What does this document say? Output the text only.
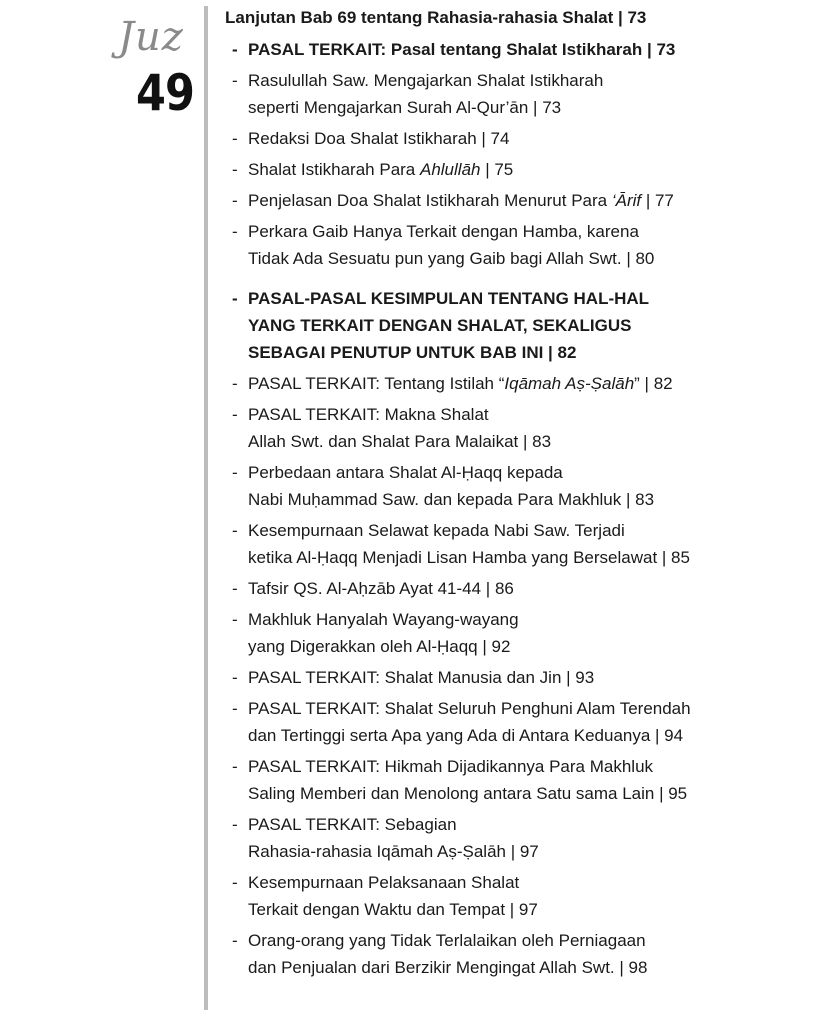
Juz
49
Lanjutan Bab 69 tentang Rahasia-rahasia Shalat | 73
- PASAL TERKAIT: Pasal tentang Shalat Istikharah | 73
- Rasulullah Saw. Mengajarkan Shalat Istikharah
seperti Mengajarkan Surah Al-Qur’ān | 73
- Redaksi Doa Shalat Istikharah | 74
- Shalat Istikharah Para Ahlullāh | 75
- Penjelasan Doa Shalat Istikharah Menurut Para ‘Ārif | 77
- Perkara Gaib Hanya Terkait dengan Hamba, karena
Tidak Ada Sesuatu pun yang Gaib bagi Allah Swt. | 80
- PASAL-PASAL KESIMPULAN TENTANG HAL-HAL
YANG TERKAIT DENGAN SHALAT, SEKALIGUS
SEBAGAI PENUTUP UNTUK BAB INI | 82
- PASAL TERKAIT: Tentang Istilah “Iqāmah Aṣ-Ṣalāh” | 82
- PASAL TERKAIT: Makna Shalat
Allah Swt. dan Shalat Para Malaikat | 83
- Perbedaan antara Shalat Al-Ḥaqq kepada
Nabi Muḥammad Saw. dan kepada Para Makhluk | 83
- Kesempurnaan Selawat kepada Nabi Saw. Terjadi
ketika Al-Ḥaqq Menjadi Lisan Hamba yang Berselawat | 85
- Tafsir QS. Al-Aḥzāb Ayat 41-44 | 86
- Makhluk Hanyalah Wayang-wayang
yang Digerakkan oleh Al-Ḥaqq | 92
- PASAL TERKAIT: Shalat Manusia dan Jin | 93
- PASAL TERKAIT: Shalat Seluruh Penghuni Alam Terendah
dan Tertinggi serta Apa yang Ada di Antara Keduanya | 94
- PASAL TERKAIT: Hikmah Dijadikannya Para Makhluk
Saling Memberi dan Menolong antara Satu sama Lain | 95
- PASAL TERKAIT: Sebagian
Rahasia-rahasia Iqāmah Aṣ-Ṣalāh | 97
- Kesempurnaan Pelaksanaan Shalat
Terkait dengan Waktu dan Tempat | 97
- Orang-orang yang Tidak Terlalaikan oleh Perniagaan
dan Penjualan dari Berzikir Mengingat Allah Swt. | 98
